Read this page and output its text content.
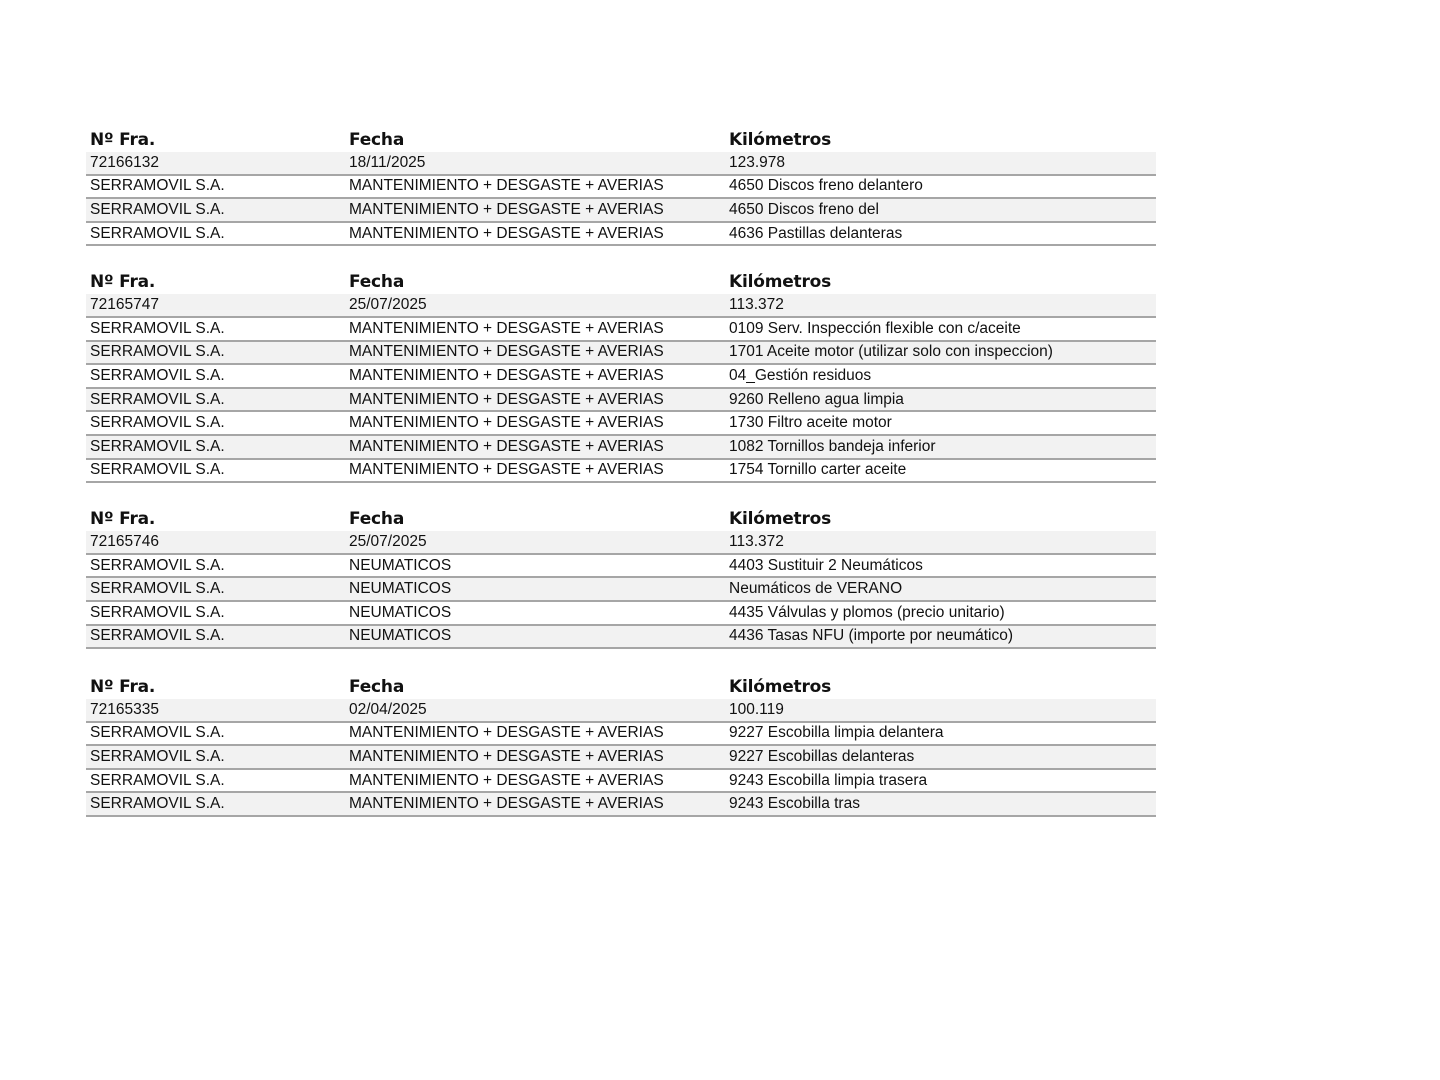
Nº Fra.	Fecha	Kilómetros
72166132	18/11/2025	123.978
SERRAMOVIL S.A.	MANTENIMIENTO + DESGASTE + AVERIAS	4650 Discos freno delantero
SERRAMOVIL S.A.	MANTENIMIENTO + DESGASTE + AVERIAS	4650 Discos freno del
SERRAMOVIL S.A.	MANTENIMIENTO + DESGASTE + AVERIAS	4636 Pastillas delanteras
Nº Fra.	Fecha	Kilómetros
72165747	25/07/2025	113.372
SERRAMOVIL S.A.	MANTENIMIENTO + DESGASTE + AVERIAS	0109 Serv. Inspección flexible con c/aceite
SERRAMOVIL S.A.	MANTENIMIENTO + DESGASTE + AVERIAS	1701 Aceite motor (utilizar solo con inspeccion)
SERRAMOVIL S.A.	MANTENIMIENTO + DESGASTE + AVERIAS	04_Gestión residuos
SERRAMOVIL S.A.	MANTENIMIENTO + DESGASTE + AVERIAS	9260 Relleno agua limpia
SERRAMOVIL S.A.	MANTENIMIENTO + DESGASTE + AVERIAS	1730 Filtro aceite motor
SERRAMOVIL S.A.	MANTENIMIENTO + DESGASTE + AVERIAS	1082 Tornillos bandeja inferior
SERRAMOVIL S.A.	MANTENIMIENTO + DESGASTE + AVERIAS	1754 Tornillo carter aceite
Nº Fra.	Fecha	Kilómetros
72165746	25/07/2025	113.372
SERRAMOVIL S.A.	NEUMATICOS	4403 Sustituir 2 Neumáticos
SERRAMOVIL S.A.	NEUMATICOS	Neumáticos de VERANO
SERRAMOVIL S.A.	NEUMATICOS	4435 Válvulas y plomos (precio unitario)
SERRAMOVIL S.A.	NEUMATICOS	4436 Tasas NFU (importe por neumático)
Nº Fra.	Fecha	Kilómetros
72165335	02/04/2025	100.119
SERRAMOVIL S.A.	MANTENIMIENTO + DESGASTE + AVERIAS	9227 Escobilla limpia delantera
SERRAMOVIL S.A.	MANTENIMIENTO + DESGASTE + AVERIAS	9227 Escobillas delanteras
SERRAMOVIL S.A.	MANTENIMIENTO + DESGASTE + AVERIAS	9243 Escobilla limpia trasera
SERRAMOVIL S.A.	MANTENIMIENTO + DESGASTE + AVERIAS	9243 Escobilla tras
